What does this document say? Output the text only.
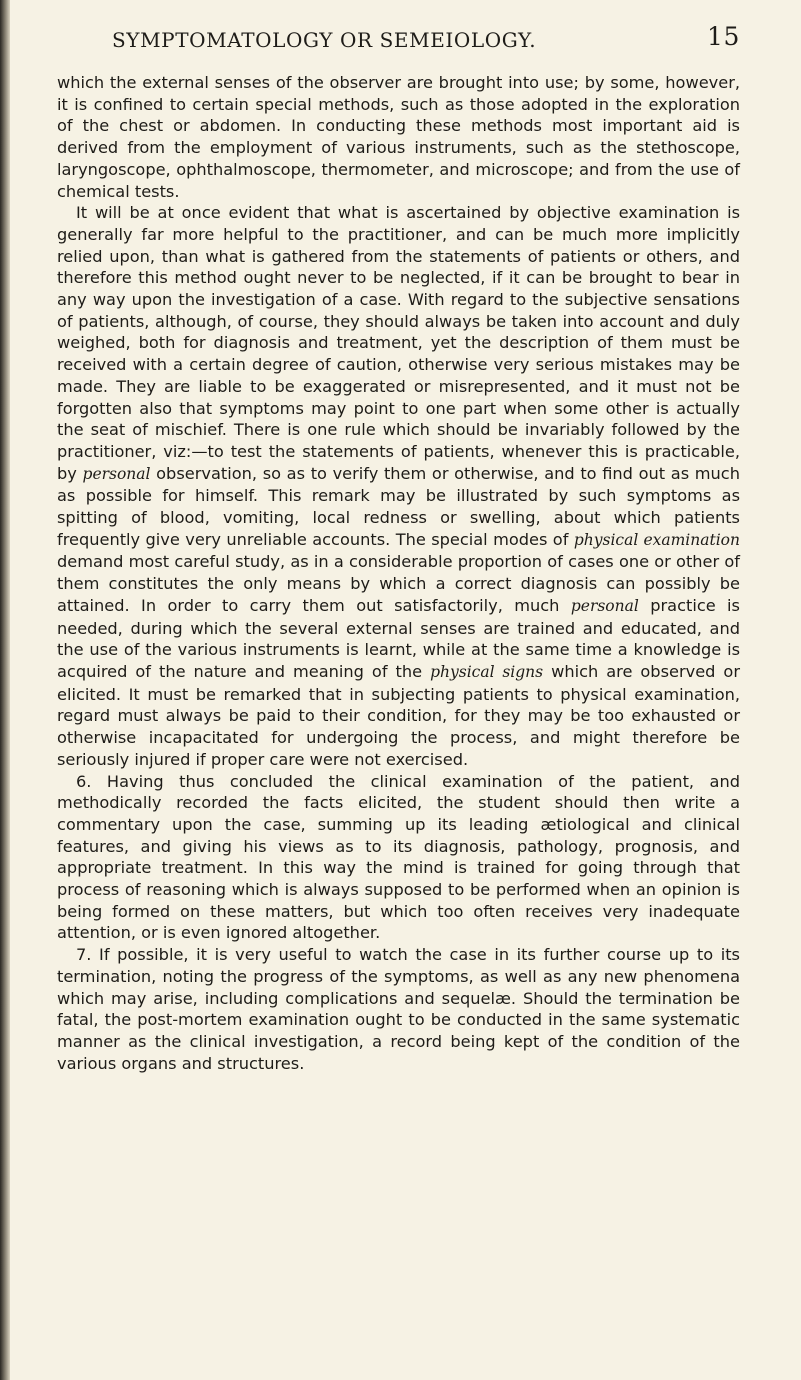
SYMPTOMATOLOGY OR SEMEIOLOGY.	15

which the external senses of the observer are brought into use; by some, however, it is confined to certain special methods, such as those adopted in the exploration of the chest or abdomen. In conducting these methods most important aid is derived from the employment of various instruments, such as the stethoscope, laryngoscope, ophthalmoscope, thermometer, and microscope; and from the use of chemical tests.

It will be at once evident that what is ascertained by objective examination is generally far more helpful to the practitioner, and can be much more implicitly relied upon, than what is gathered from the statements of patients or others, and therefore this method ought never to be neglected, if it can be brought to bear in any way upon the investigation of a case. With regard to the subjective sensations of patients, although, of course, they should always be taken into account and duly weighed, both for diagnosis and treatment, yet the description of them must be received with a certain degree of caution, otherwise very serious mistakes may be made. They are liable to be exaggerated or misrepresented, and it must not be forgotten also that symptoms may point to one part when some other is actually the seat of mischief. There is one rule which should be invariably followed by the practitioner, viz:—to test the statements of patients, whenever this is practicable, by personal observation, so as to verify them or otherwise, and to find out as much as possible for himself. This remark may be illustrated by such symptoms as spitting of blood, vomiting, local redness or swelling, about which patients frequently give very unreliable accounts. The special modes of physical examination demand most careful study, as in a considerable proportion of cases one or other of them constitutes the only means by which a correct diagnosis can possibly be attained. In order to carry them out satisfactorily, much personal practice is needed, during which the several external senses are trained and educated, and the use of the various instruments is learnt, while at the same time a knowledge is acquired of the nature and meaning of the physical signs which are observed or elicited. It must be remarked that in subjecting patients to physical examination, regard must always be paid to their condition, for they may be too exhausted or otherwise incapacitated for undergoing the process, and might therefore be seriously injured if proper care were not exercised.

6. Having thus concluded the clinical examination of the patient, and methodically recorded the facts elicited, the student should then write a commentary upon the case, summing up its leading ætiological and clinical features, and giving his views as to its diagnosis, pathology, prognosis, and appropriate treatment. In this way the mind is trained for going through that process of reasoning which is always supposed to be performed when an opinion is being formed on these matters, but which too often receives very inadequate attention, or is even ignored altogether.

7. If possible, it is very useful to watch the case in its further course up to its termination, noting the progress of the symptoms, as well as any new phenomena which may arise, including complications and sequelæ. Should the termination be fatal, the post-mortem examination ought to be conducted in the same systematic manner as the clinical investigation, a record being kept of the condition of the various organs and structures.
